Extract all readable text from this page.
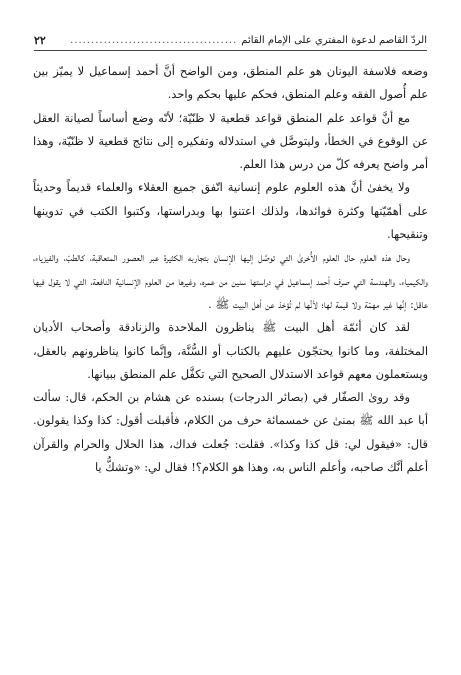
الردّ القاصم لدعوة المفتري على الإمام القائم
........................................
٢٢

وضعه فلاسفة اليونان هو علم المنطق، ومن الواضح أنَّ أحمد إسماعيل لا يميّز بين علم أُصول الفقه وعلم المنطق، فحكم عليها بحكم واحد.

مع أنَّ قواعد علم المنطق قواعد قطعية لا ظنّيّة؛ لأنّه وضع أساساً لصيانة العقل عن الوقوع في الخطأ، وليتوصَّل في استدلاله وتفكيره إلى نتائج قطعية لا ظنّيّة، وهذا أمر واضح يعرفه كلّ من درس هذا العلم.

ولا يخفىٰ أنَّ هذه العلوم علوم إنسانية اتّفق جميع العقلاء والعلماء قديماً وحديثاً على أهمّيّتها وكثرة فوائدها، ولذلك اعتنوا بها وبدراستها، وكتبوا الكتب في تدوينها وتنقيحها.

وحال هذه العلوم حال العلوم الأُخرىٰ التي توصَّل إليها الإنسان بتجاربه الكثيرة عبر العصور المتعاقبة، كالطبّ، والفيزياء، والكيمياء، والهندسة التي صرف أحمد إسماعيل في دراستها سنين من عمره، وغيرها من العلوم الإنسانية النافعة، التي لا يقول فيها عاقل: إنَّها غير مهمّة ولا قيمة لها؛ لأنَّها لم تُؤخذ عن أهل البيت ﷺ .

لقد كان أئمّة أهل البيت ﷺ يناظرون الملاحدة والزنادقة وأصحاب الأديان المختلفة، وما كانوا يحتجّون عليهم بالكتاب أو السُّنَّة، وإنَّما كانوا يناظرونهم بالعقل، ويستعملون معهم قواعد الاستدلال الصحيح التي تكفَّل علم المنطق ببيانها.

وقد روىٰ الصفّار في (بصائر الدرجات) بسنده عن هشام بن الحكم، قال: سألت أبا عبد الله ﷺ بمنىٰ عن خمسمائة حرف من الكلام، فأقبلت أقول: كذا وكذا يقولون. قال: «فيقول لي: قل كذا وكذا». فقلت: جُعلت فداك، هذا الحلال والحرام والقرآن أعلم أنَّك صاحبه، وأعلم الناس به، وهذا هو الكلام؟! فقال لي: «وتشكُّ يا
